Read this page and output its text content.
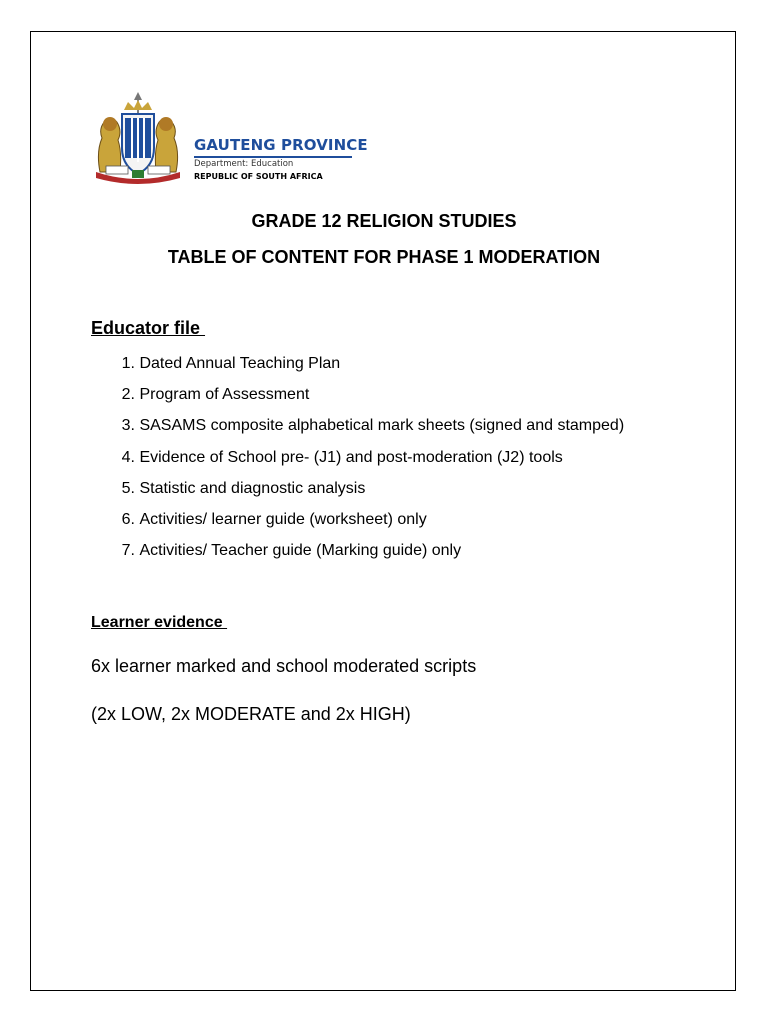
GAUTENG PROVINCE
Department: Education
REPUBLIC OF SOUTH AFRICA
GRADE 12 RELIGION STUDIES
TABLE OF CONTENT FOR PHASE 1 MODERATION
Educator file
1.
Dated Annual Teaching Plan
2.
Program of Assessment
3.
SASAMS composite alphabetical mark sheets (signed and stamped)
4.
Evidence of School pre- (J1) and post-moderation (J2) tools
5.
Statistic and diagnostic analysis
6.
Activities/ learner guide (worksheet) only
7.
Activities/ Teacher guide (Marking guide) only
Learner evidence
6x learner marked and school moderated scripts
(2x LOW, 2x MODERATE and 2x HIGH)
